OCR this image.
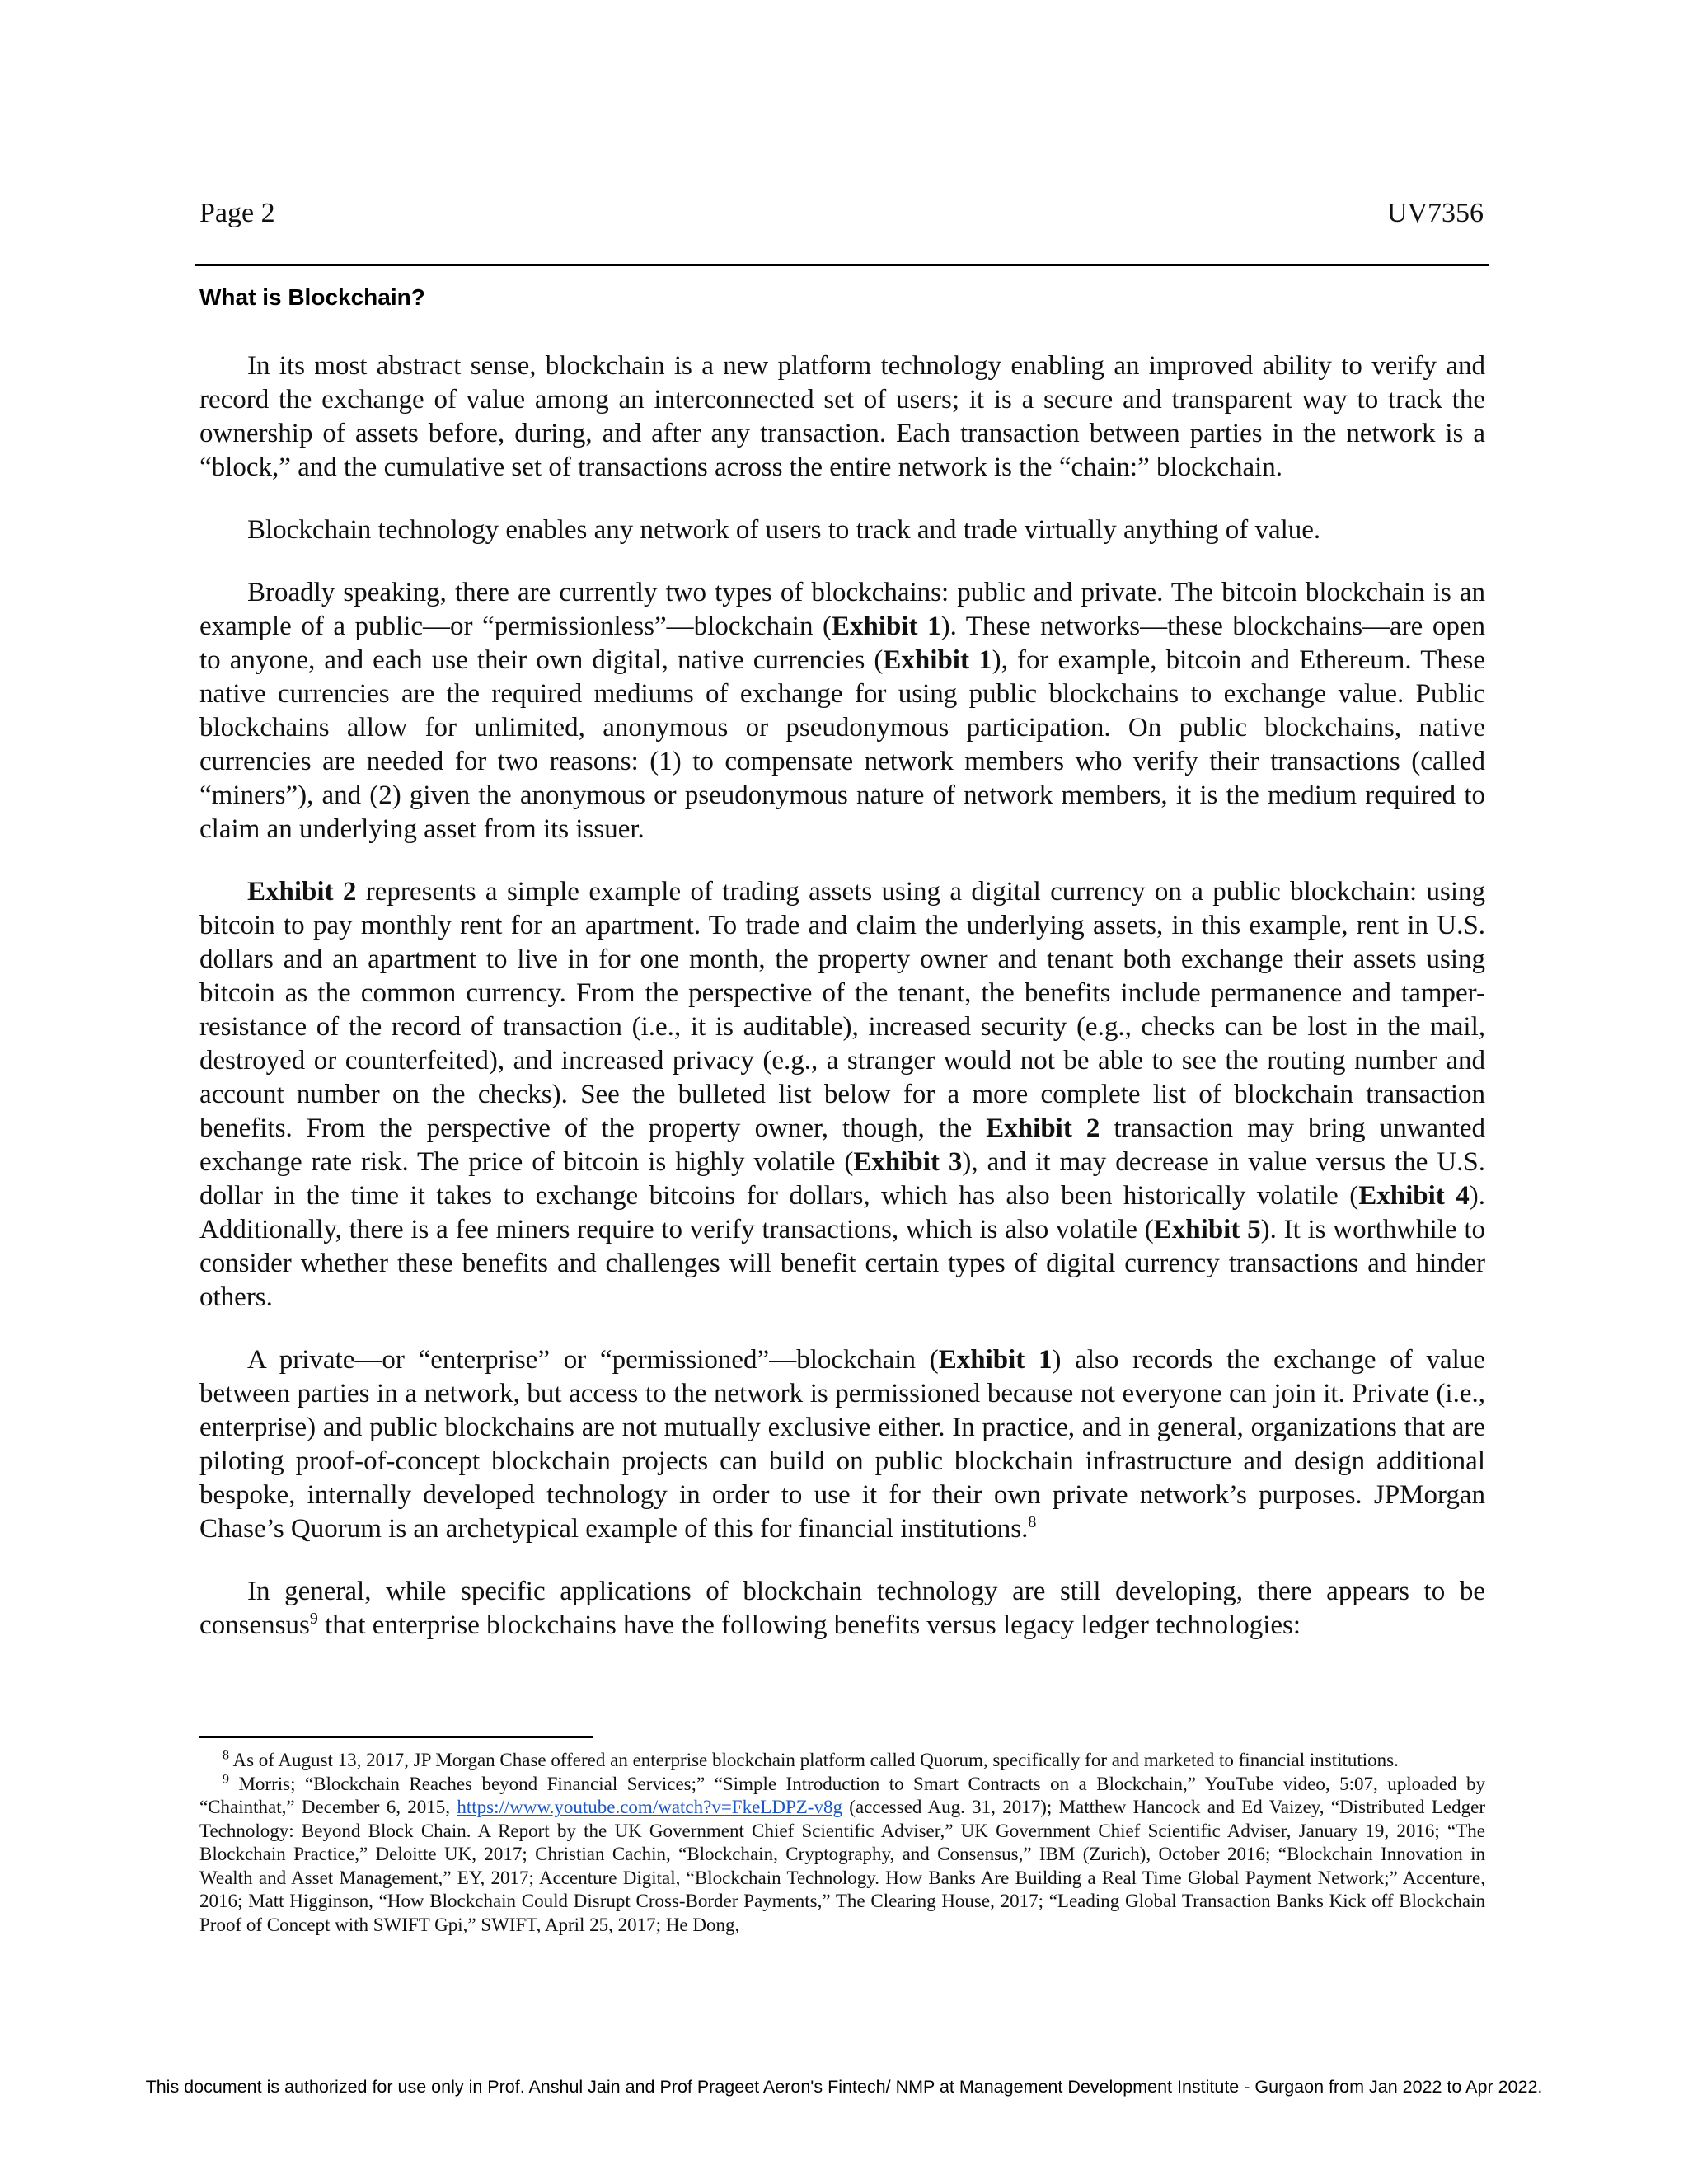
Page 2	UV7356
What is Blockchain?

In its most abstract sense, blockchain is a new platform technology enabling an improved ability to verify and record the exchange of value among an interconnected set of users; it is a secure and transparent way to track the ownership of assets before, during, and after any transaction. Each transaction between parties in the network is a “block,” and the cumulative set of transactions across the entire network is the “chain:” blockchain.

Blockchain technology enables any network of users to track and trade virtually anything of value.

Broadly speaking, there are currently two types of blockchains: public and private. The bitcoin blockchain is an example of a public—or “permissionless”—blockchain (Exhibit 1). These networks—these blockchains—are open to anyone, and each use their own digital, native currencies (Exhibit 1), for example, bitcoin and Ethereum. These native currencies are the required mediums of exchange for using public blockchains to exchange value. Public blockchains allow for unlimited, anonymous or pseudonymous participation. On public blockchains, native currencies are needed for two reasons: (1) to compensate network members who verify their transactions (called “miners”), and (2) given the anonymous or pseudonymous nature of network members, it is the medium required to claim an underlying asset from its issuer.

Exhibit 2 represents a simple example of trading assets using a digital currency on a public blockchain: using bitcoin to pay monthly rent for an apartment. To trade and claim the underlying assets, in this example, rent in U.S. dollars and an apartment to live in for one month, the property owner and tenant both exchange their assets using bitcoin as the common currency. From the perspective of the tenant, the benefits include permanence and tamper-resistance of the record of transaction (i.e., it is auditable), increased security (e.g., checks can be lost in the mail, destroyed or counterfeited), and increased privacy (e.g., a stranger would not be able to see the routing number and account number on the checks). See the bulleted list below for a more complete list of blockchain transaction benefits. From the perspective of the property owner, though, the Exhibit 2 transaction may bring unwanted exchange rate risk. The price of bitcoin is highly volatile (Exhibit 3), and it may decrease in value versus the U.S. dollar in the time it takes to exchange bitcoins for dollars, which has also been historically volatile (Exhibit 4). Additionally, there is a fee miners require to verify transactions, which is also volatile (Exhibit 5). It is worthwhile to consider whether these benefits and challenges will benefit certain types of digital currency transactions and hinder others.

A private—or “enterprise” or “permissioned”—blockchain (Exhibit 1) also records the exchange of value between parties in a network, but access to the network is permissioned because not everyone can join it. Private (i.e., enterprise) and public blockchains are not mutually exclusive either. In practice, and in general, organizations that are piloting proof-of-concept blockchain projects can build on public blockchain infrastructure and design additional bespoke, internally developed technology in order to use it for their own private network’s purposes. JPMorgan Chase’s Quorum is an archetypical example of this for financial institutions.$^8$

In general, while specific applications of blockchain technology are still developing, there appears to be consensus$^9$ that enterprise blockchains have the following benefits versus legacy ledger technologies:

$^8$ As of August 13, 2017, JP Morgan Chase offered an enterprise blockchain platform called Quorum, specifically for and marketed to financial institutions.

$^9$ Morris; “Blockchain Reaches beyond Financial Services;” “Simple Introduction to Smart Contracts on a Blockchain,” YouTube video, 5:07, uploaded by “Chainthat,” December 6, 2015, https://www.youtube.com/watch?v=FkeLDPZ-v8g (accessed Aug. 31, 2017); Matthew Hancock and Ed Vaizey, “Distributed Ledger Technology: Beyond Block Chain. A Report by the UK Government Chief Scientific Adviser,” UK Government Chief Scientific Adviser, January 19, 2016; “The Blockchain Practice,” Deloitte UK, 2017; Christian Cachin, “Blockchain, Cryptography, and Consensus,” IBM (Zurich), October 2016; “Blockchain Innovation in Wealth and Asset Management,” EY, 2017; Accenture Digital, “Blockchain Technology. How Banks Are Building a Real Time Global Payment Network;” Accenture, 2016; Matt Higginson, “How Blockchain Could Disrupt Cross-Border Payments,” The Clearing House, 2017; “Leading Global Transaction Banks Kick off Blockchain Proof of Concept with SWIFT Gpi,” SWIFT, April 25, 2017; He Dong,

This document is authorized for use only in Prof. Anshul Jain and Prof Prageet Aeron's Fintech/ NMP at Management Development Institute - Gurgaon from Jan 2022 to Apr 2022.
